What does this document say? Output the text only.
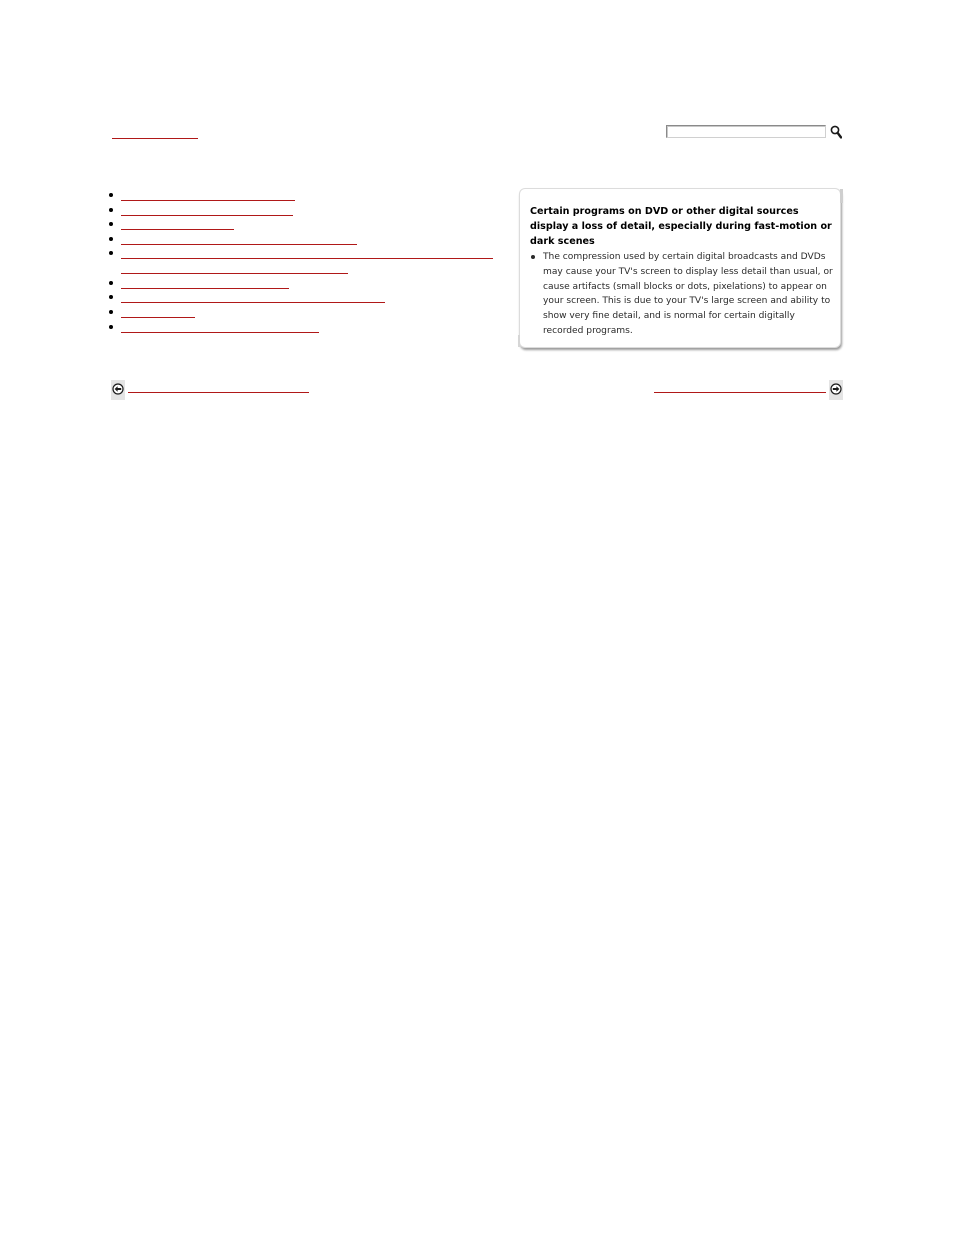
Certain programs on DVD or other digital sources display a loss of detail, especially during fast-motion or dark scenes

The compression used by certain digital broadcasts and DVDs may cause your TV's screen to display less detail than usual, or cause artifacts (small blocks or dots, pixelations) to appear on your screen. This is due to your TV's large screen and ability to show very fine detail, and is normal for certain digitally recorded programs.
